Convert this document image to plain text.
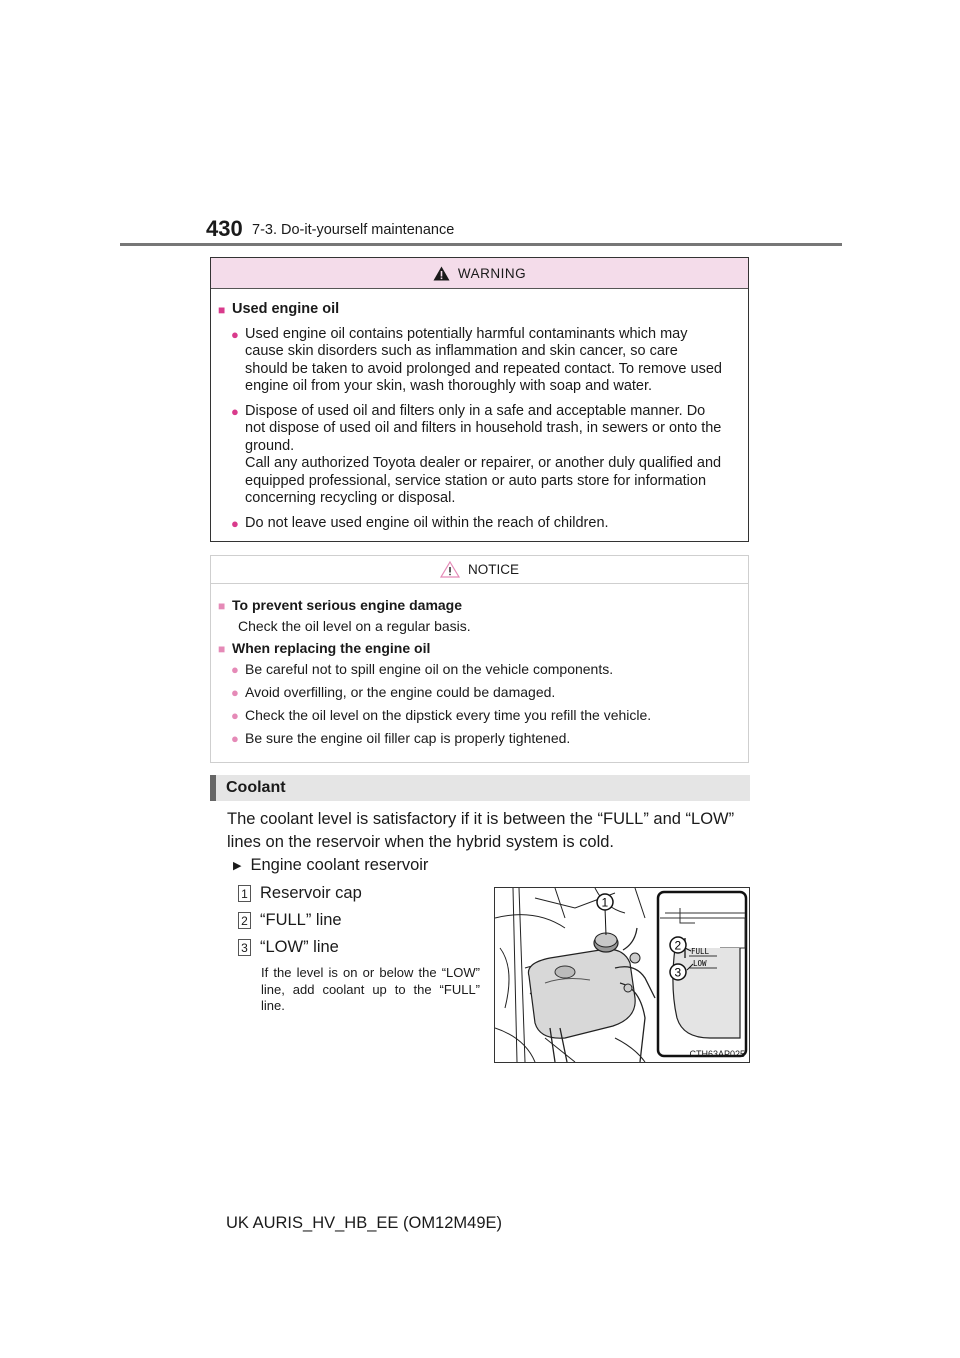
430 7-3. Do-it-yourself maintenance
WARNING
■ Used engine oil
● Used engine oil contains potentially harmful contaminants which may
cause skin disorders such as inflammation and skin cancer, so care
should be taken to avoid prolonged and repeated contact. To remove used
engine oil from your skin, wash thoroughly with soap and water.
● Dispose of used oil and filters only in a safe and acceptable manner. Do
not dispose of used oil and filters in household trash, in sewers or onto the
ground.
Call any authorized Toyota dealer or repairer, or another duly qualified and
equipped professional, service station or auto parts store for information
concerning recycling or disposal.
● Do not leave used engine oil within the reach of children.
NOTICE
■ To prevent serious engine damage
Check the oil level on a regular basis.
■ When replacing the engine oil
● Be careful not to spill engine oil on the vehicle components.
● Avoid overfilling, or the engine could be damaged.
● Check the oil level on the dipstick every time you refill the vehicle.
● Be sure the engine oil filler cap is properly tightened.
Coolant
The coolant level is satisfactory if it is between the “FULL” and “LOW”
lines on the reservoir when the hybrid system is cold.
▶ Engine coolant reservoir
1 Reservoir cap
2 “FULL” line
3 “LOW” line
If the level is on or below the “LOW” line, add coolant up to the “FULL” line.
FULL
LOW
1
2
3
CTH63AP025
UK AURIS_HV_HB_EE (OM12M49E)
